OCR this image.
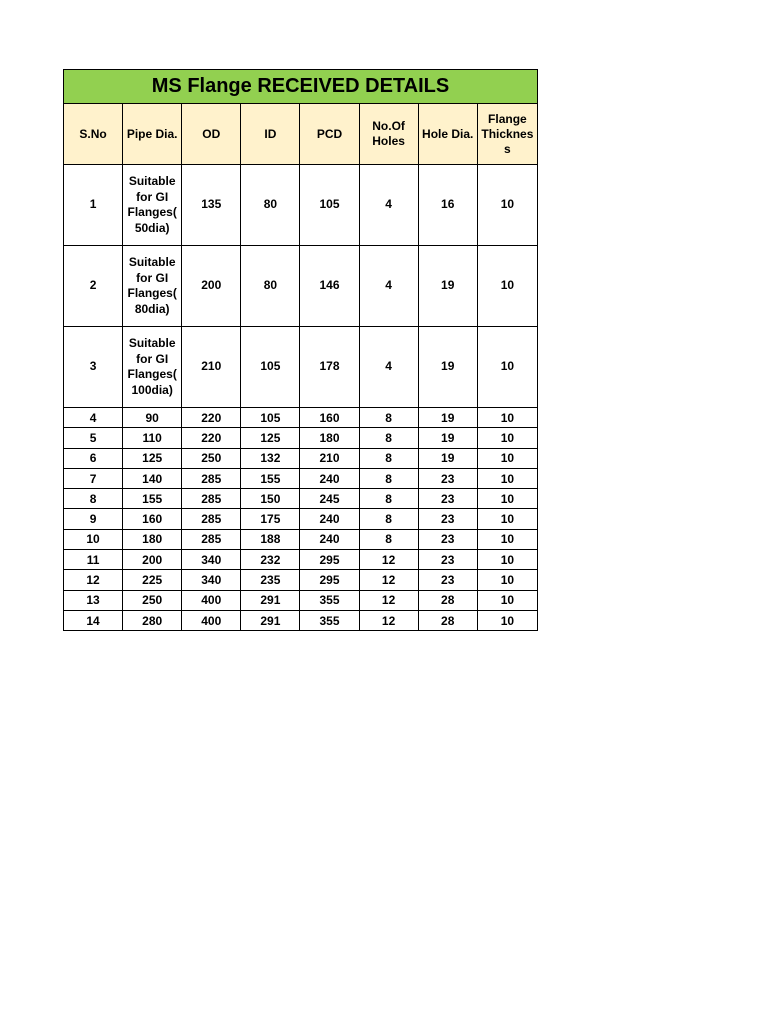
MS Flange RECEIVED DETAILS							
S.No	Pipe Dia.	OD	ID	PCD	No.Of Holes	Hole Dia.	Flange Thicknes s
1	Suitable for GI Flanges( 50dia)	135	80	105	4	16	10
2	Suitable for GI Flanges( 80dia)	200	80	146	4	19	10
3	Suitable for GI Flanges( 100dia)	210	105	178	4	19	10
4	90	220	105	160	8	19	10
5	110	220	125	180	8	19	10
6	125	250	132	210	8	19	10
7	140	285	155	240	8	23	10
8	155	285	150	245	8	23	10
9	160	285	175	240	8	23	10
10	180	285	188	240	8	23	10
11	200	340	232	295	12	23	10
12	225	340	235	295	12	23	10
13	250	400	291	355	12	28	10
14	280	400	291	355	12	28	10
